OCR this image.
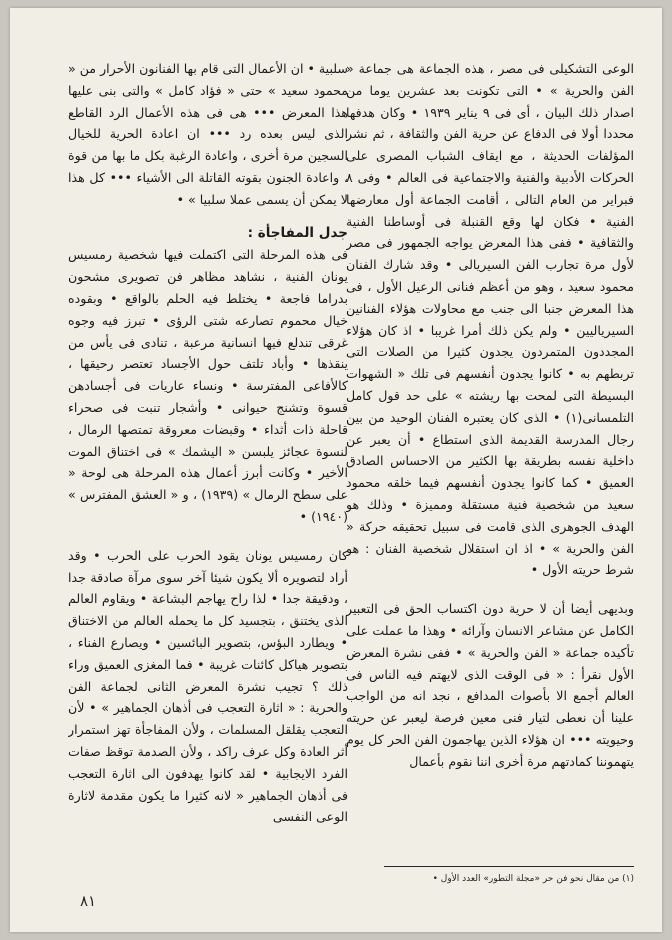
الوعى التشكيلى فى مصر ، هذه الجماعة هى جماعة « الفن والحرية » • التى تكونت بعد عشرين يوما من اصدار ذلك البيان ، أى فى ٩ يناير ١٩٣٩ • وكان هدفها محددا أولا فى الدفاع عن حرية الفن والثقافة ، ثم نشر المؤلفات الحديثة ، مع ايقاف الشباب المصرى على الحركات الأدبية والفنية والاجتماعية فى العالم • وفى ٨ فبراير من العام التالى ، أقامت الجماعة أول معارضها الفنية • فكان لها وقع القنبلة فى أوساطنا الفنية والثقافية • ففى هذا المعرض يواجه الجمهور فى مصر لأول مرة تجارب الفن السيريالى • وقد شارك الفنان محمود سعيد ، وهو من أعظم فنانى الرعيل الأول ، فى هذا المعرض جنبا الى جنب مع محاولات هؤلاء الفنانين السيرياليين • ولم يكن ذلك أمرا غريبا • اذ كان هؤلاء المجددون المتمردون يجدون كثيرا من الصلات التى تربطهم به • كانوا يجدون أنفسهم فى تلك « الشهوات البسيطة التى لمحت بها ريشته » على حد قول كامل التلمسانى(١) • الذى كان يعتبره الفنان الوحيد من بين رجال المدرسة القديمة الذى استطاع • أن يعبر عن داخلية نفسه بطريقة بها الكثير من الاحساس الصادق العميق • كما كانوا يجدون أنفسهم فيما خلقه محمود سعيد من شخصية فنية مستقلة ومميزة • وذلك هو الهدف الجوهرى الذى قامت فى سبيل تحقيقه حركة « الفن والحرية » • اذ ان استقلال شخصية الفنان : هو شرط حريته الأول •

وبديهى أيضا أن لا حرية دون اكتساب الحق فى التعبير الكامل عن مشاعر الانسان وآرائه • وهذا ما عملت على تأكيده جماعة « الفن والحرية » • ففى نشرة المعرض الأول نقرأ : « فى الوقت الذى لايهتم فيه الناس فى العالم أجمع الا بأصوات المدافع ، نجد انه من الواجب علينا أن نعطى لتيار فنى معين فرصة ليعبر عن حريته وحيويته ••• ان هؤلاء الذين يهاجمون الفن الحر كل يوم يتهموننا كمادتهم مرة أخرى اننا نقوم بأعمال

سلبية • ان الأعمال التى قام بها الفنانون الأحرار من « محمود سعيد » حتى « فؤاد كامل » والتى بنى عليها هذا المعرض ••• هى فى هذه الأعمال الرد القاطع الذى ليس بعده رد ••• ان اعادة الحرية للخيال السجين مرة أخرى ، واعادة الرغبة بكل ما بها من قوة ، واعادة الجنون بقوته القاتلة الى الأشياء ••• كل هذا لا يمكن أن يسمى عملا سلبيا » •

جدل المفاجأة :

فى هذه المرحلة التى اكتملت فيها شخصية رمسيس يونان الفنية ، نشاهد مظاهر فن تصويرى مشحون بدراما فاجعة • يختلط فيه الحلم بالواقع • وبقوده خيال محموم تصارعه شتى الرؤى • تبرز فيه وجوه غرقى تندلع فيها انسانية مرعبة ، تنادى فى يأس من ينقذها • وأباد تلتف حول الأجساد تعتصر رحيقها ، كالأفاعى المفترسة • ونساء عاريات فى أجسادهن قسوة وتشنج حيوانى • وأشجار تنبت فى صحراء قاحلة ذات أثداء • وقبضات معروقة تمتصها الرمال ، لنسوة عجائز يلبسن « اليشمك » فى اختناق الموت الأخير • وكانت أبرز أعمال هذه المرحلة هى لوحة « على سطح الرمال » (١٩٣٩) ، و « العشق المفترس » (١٩٤٠) •

كان رمسيس يونان يقود الحرب على الحرب • وقد أراد لتصويره ألا يكون شيئا آخر سوى مرآة صادقة جدا ، ودقيقة جدا • لذا راح يهاجم البشاعة • ويقاوم العالم الذى يختنق ، بتجسيد كل ما يحمله العالم من الاختناق • ويطارد البؤس، بتصوير البائسين • ويصارع الفناء ، بتصوير هياكل كائنات غريبة • فما المغزى العميق وراء ذلك ؟ تجيب نشرة المعرض الثانى لجماعة الفن والحرية : « اثارة التعجب فى أذهان الجماهير » • لأن التعجب يقلقل المسلمات ، ولأن المفاجأة تهز استمرار أثر العادة وكل عرف راكد ، ولأن الصدمة توقظ صفات الفرد الايجابية • لقد كانوا يهدفون الى اثارة التعجب فى أذهان الجماهير « لانه كثيرا ما يكون مقدمة لاثارة الوعى النفسى

(١) من مقال نحو فن حر «مجلة التطور» العدد الأول •
٨١
